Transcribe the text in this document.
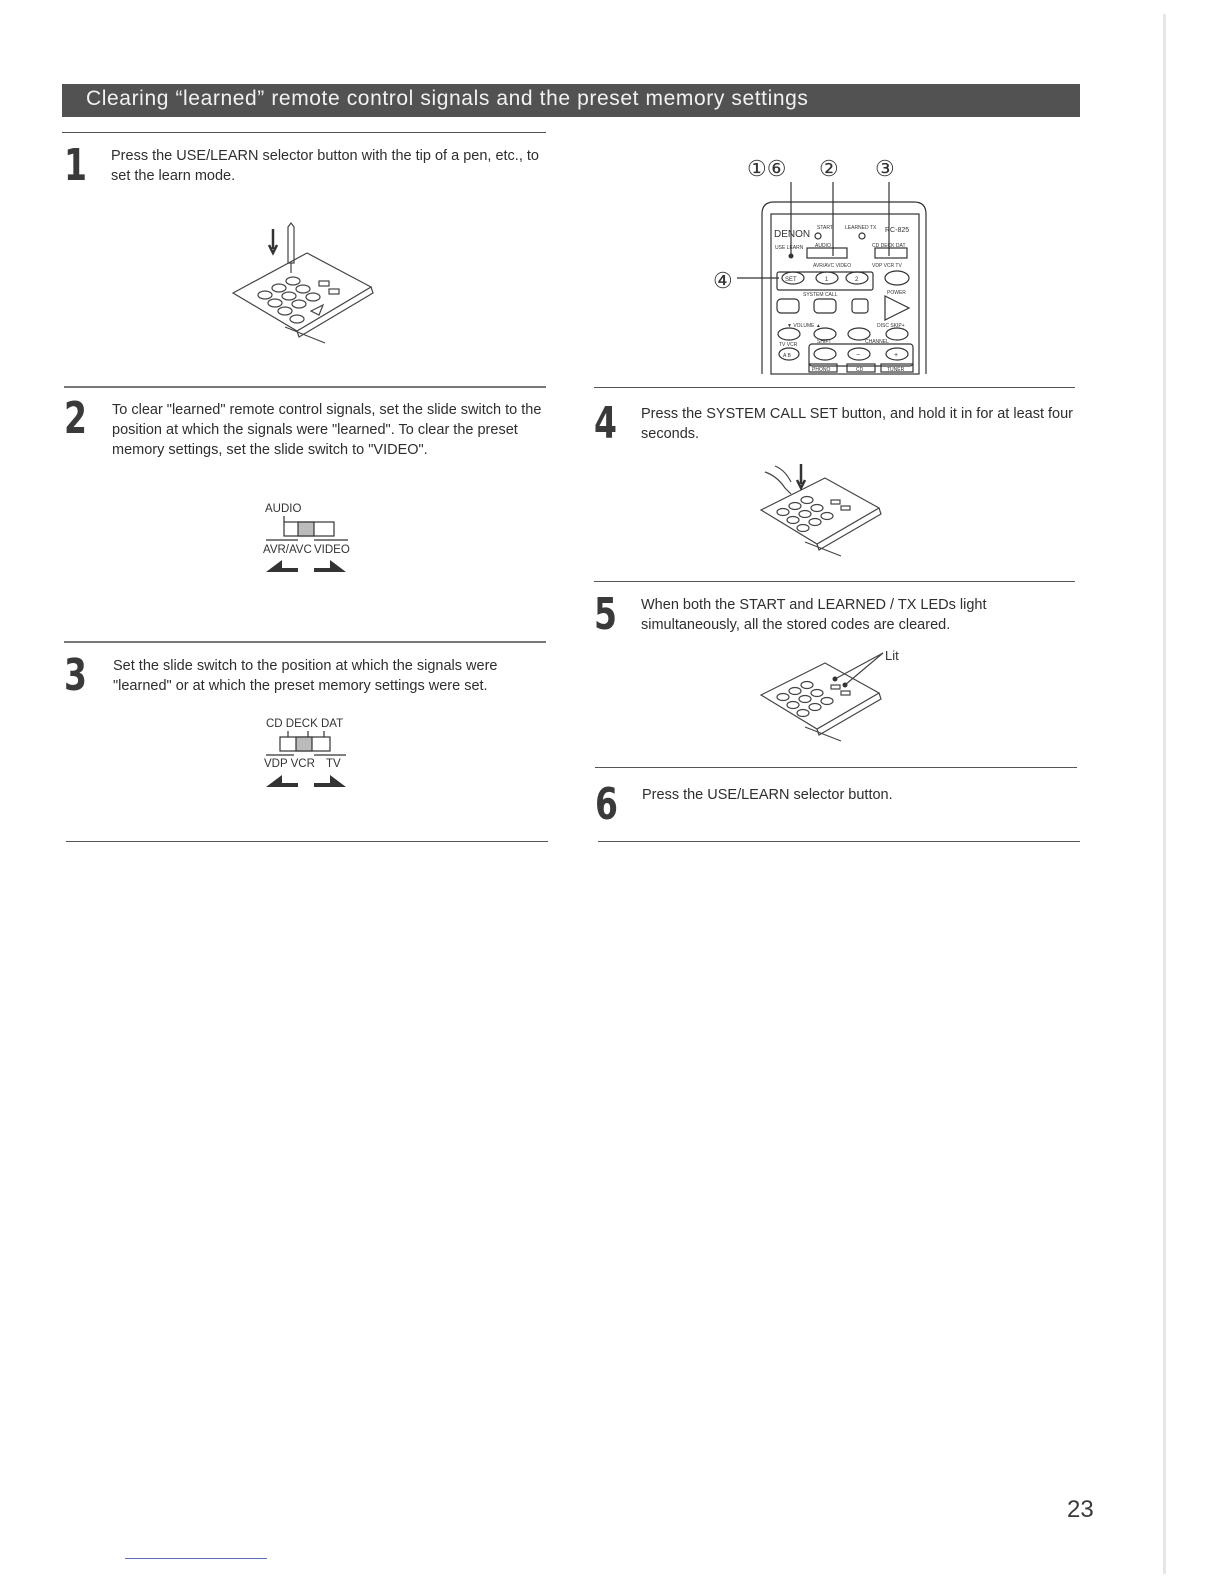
Clearing “learned” remote control signals and the preset memory settings
1 Press the USE/LEARN selector button with the tip of a pen, etc., to set the learn mode.
2 To clear "learned" remote control signals, set the slide switch to the position at which the signals were "learned". To clear the preset memory settings, set the slide switch to "VIDEO".
AUDIO
AVR/AVC VIDEO
3 Set the slide switch to the position at which the signals were "learned" or at which the preset memory settings were set.
CD DECK DAT
VDP VCR TV
①⑥ ② ③
④
DENON
START LEARNED TX RC-825
USE LEARN AUDIO	CD DECK DAT
AVR/AVC VIDEO	VDP VCR TV
SET	1	2
SYSTEM CALL	POWER
▼ VOLUME ▲	DISC SKIP+
TV VCR
A B
SHIFT	CHANNEL
−	+
PHONO	CD	TUNER
4 Press the SYSTEM CALL SET button, and hold it in for at least four seconds.
5 When both the START and LEARNED / TX LEDs light simultaneously, all the stored codes are cleared.
Lit
6 Press the USE/LEARN selector button.
23
